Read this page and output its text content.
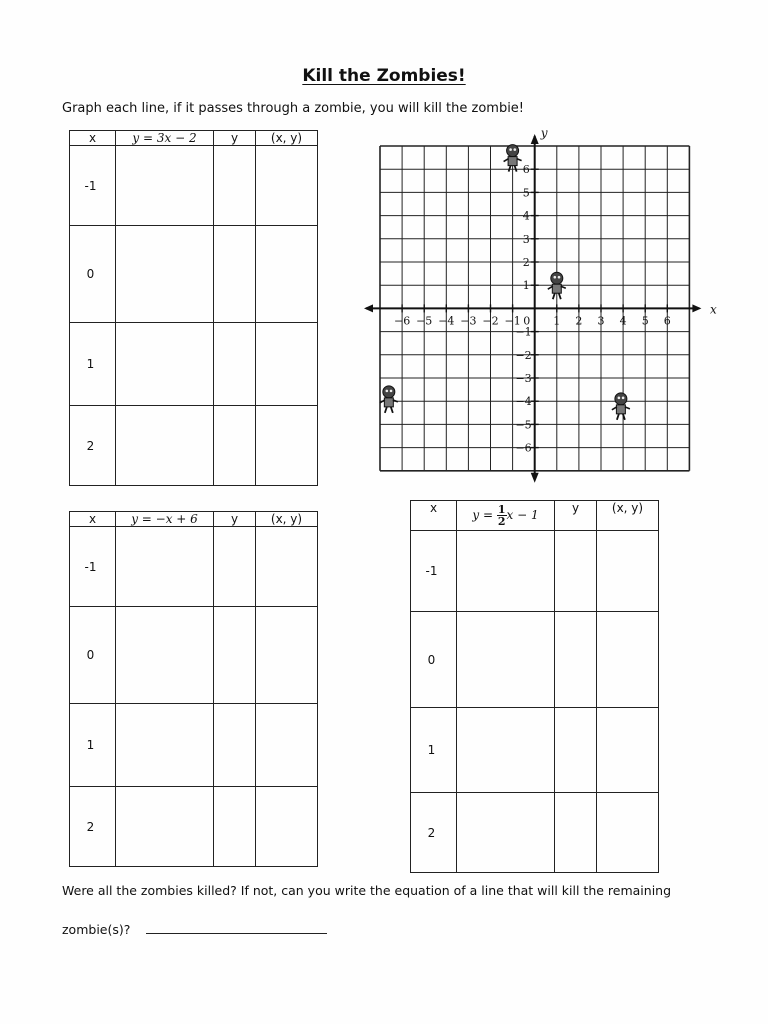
Kill the Zombies!
Graph each line, if it passes through a zombie, you will kill the zombie!
x	y = 3x − 2	y	(x, y)
-1			
0			
1			
2			
x	y = −x + 6	y	(x, y)
-1			
0			
1			
2			
x	$y = \frac{1}{2}$ x − 1	y	(x, y)
-1			
0			
1			
2			
−6 −5 −4 −3 −2 −1 0 1 2 3 4 5 6
6
5
4
3
2
1
−1
−2
−3
−4
−5
−6
x
y
Were all the zombies killed? If not, can you write the equation of a line that will kill the remaining
zombie(s)?
